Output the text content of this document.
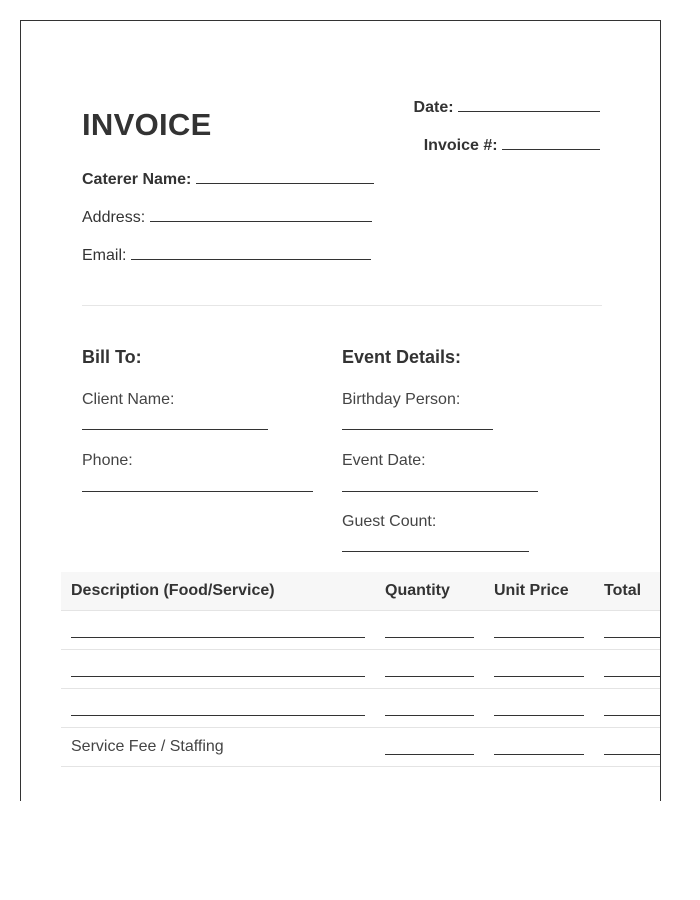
INVOICE	Date:
Invoice #:
Caterer Name:
Address:
Email:
Bill To:
Client Name:
Phone:
Event Details:
Birthday Person:
Event Date:
Guest Count:
Description (Food/Service)	Quantity	Unit Price	Total

Service Fee / Staffing	
